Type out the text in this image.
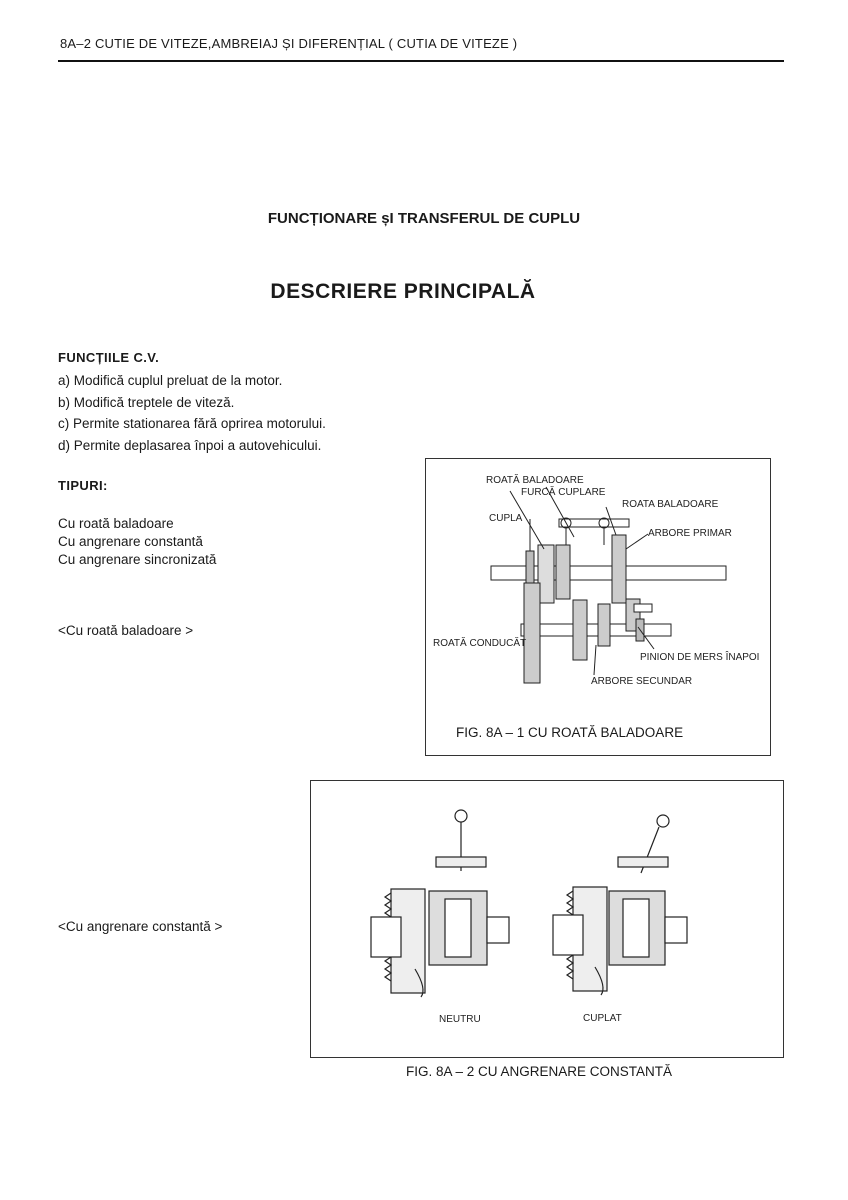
8A–2 CUTIE DE VITEZE,AMBREIAJ ȘI DIFERENȚIAL ( CUTIA DE VITEZE )
FUNCȚIONARE șI TRANSFERUL DE CUPLU
DESCRIERE PRINCIPALĂ
FUNCȚIILE C.V.
a) Modifică cuplul preluat de la motor.
b) Modifică treptele de viteză.
c) Permite stationarea fără oprirea motorului.
d) Permite deplasarea înpoi a autovehicului.
TIPURI:
Cu roată baladoare
Cu angrenare constantă
Cu angrenare sincronizată
<Cu roată baladoare >
<Cu angrenare constantă >
ROATĂ BALADOARE
FURCĂ CUPLARE
ROATA BALADOARE
CUPLA
ARBORE PRIMAR
ROATĂ CONDUCĂT
PINION DE MERS ÎNAPOI
ARBORE SECUNDAR
FIG. 8A – 1 CU ROATĂ BALADOARE
NEUTRU	CUPLAT
FIG. 8A – 2 CU ANGRENARE CONSTANTĂ
